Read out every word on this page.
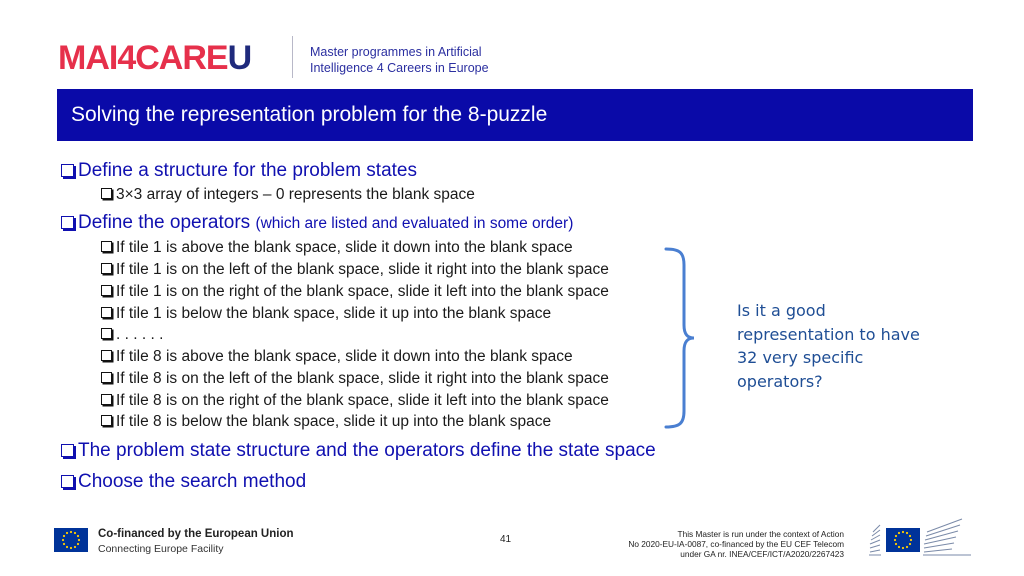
MAI4CAREU	Master programmes in Artificial
Intelligence 4 Careers in Europe
Solving the representation problem for the 8-puzzle
Define a structure for the problem states
3×3 array of integers – 0 represents the blank space
Define the operators (which are listed and evaluated in some order)
If tile 1 is above the blank space, slide it down into the blank space
If tile 1 is on the left of the blank space, slide it right into the blank space
If tile 1 is on the right of the blank space, slide it left into the blank space
If tile 1 is below the blank space, slide it up into the blank space
. . . . . .
If tile 8 is above the blank space, slide it down into the blank space
If tile 8 is on the left of the blank space, slide it right into the blank space
If tile 8 is on the right of the blank space, slide it left into the blank space
If tile 8 is below the blank space, slide it up into the blank space
The problem state structure and the operators define the state space
Choose the search method
Is it a good
representation to have
32 very specific
operators?
Co-financed by the European Union
Connecting Europe Facility
41	This Master is run under the context of Action
No 2020-EU-IA-0087, co-financed by the EU CEF Telecom
under GA nr. INEA/CEF/ICT/A2020/2267423
